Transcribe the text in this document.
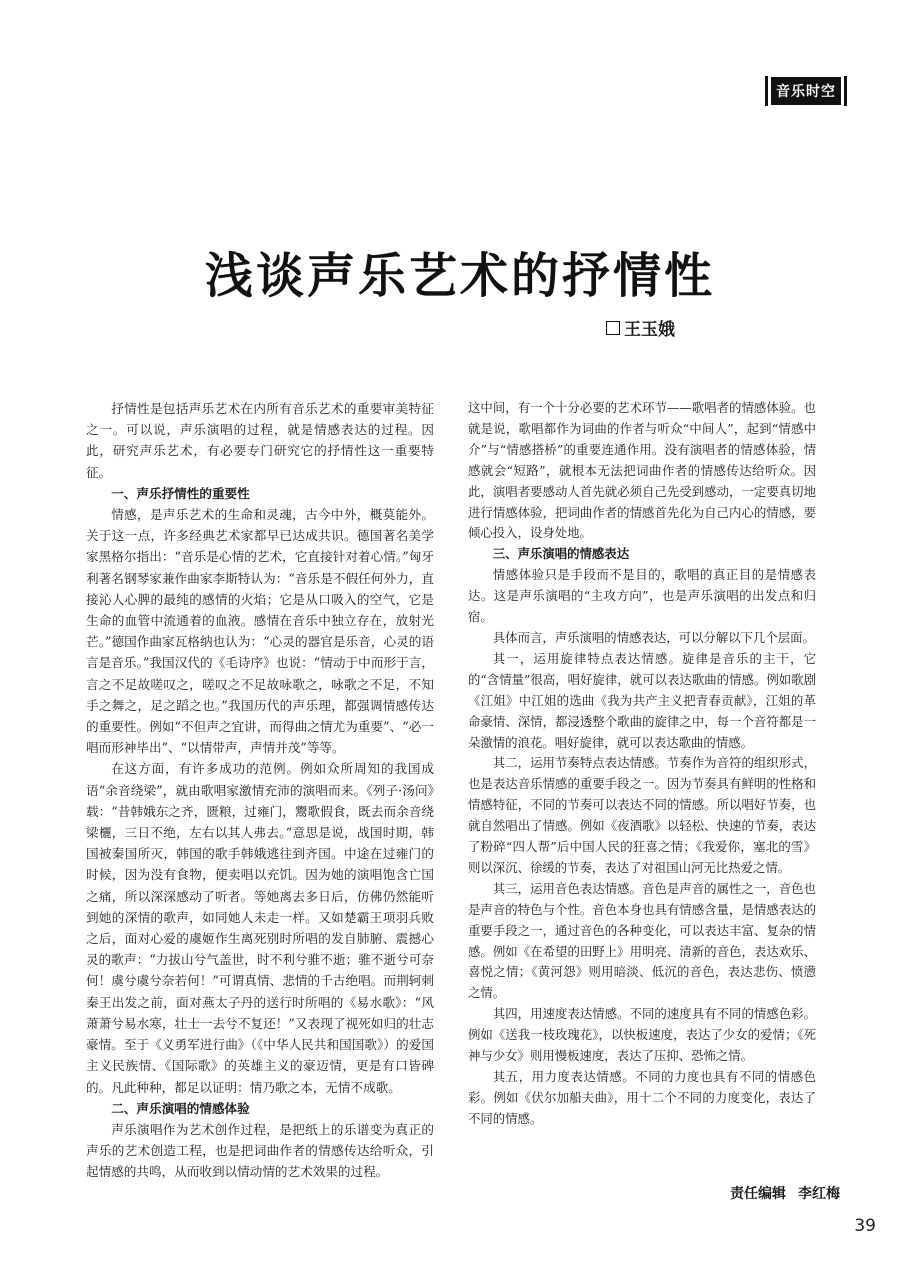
音乐时空
浅谈声乐艺术的抒情性
王玉娥

抒情性是包括声乐艺术在内所有音乐艺术的重要审美特征之一。可以说，声乐演唱的过程，就是情感表达的过程。因此，研究声乐艺术，有必要专门研究它的抒情性这一重要特征。

一、声乐抒情性的重要性

情感，是声乐艺术的生命和灵魂，古今中外，概莫能外。关于这一点，许多经典艺术家都早已达成共识。德国著名美学家黑格尔指出：“音乐是心情的艺术，它直接针对着心情。”匈牙利著名钢琴家兼作曲家李斯特认为：“音乐是不假任何外力，直接沁人心脾的最纯的感情的火焰；它是从口吸入的空气，它是生命的血管中流通着的血液。感情在音乐中独立存在，放射光芒。”德国作曲家瓦格纳也认为：“心灵的器官是乐音，心灵的语言是音乐。”我国汉代的《毛诗序》也说：“情动于中而形于言，言之不足故嗟叹之，嗟叹之不足故咏歌之，咏歌之不足，不知手之舞之，足之蹈之也。”我国历代的声乐理，都强调情感传达的重要性。例如“不但声之宜讲，而得曲之情尤为重要”、“必一唱而形神毕出”、“以情带声，声情并茂”等等。

在这方面，有许多成功的范例。例如众所周知的我国成语“余音绕梁”，就由歌唱家激情充沛的演唱而来。《列子·汤问》载：“昔韩娥东之齐，匮粮，过雍门，鬻歌假食，既去而余音绕梁欐，三日不绝，左右以其人弗去。”意思是说，战国时期，韩国被秦国所灭，韩国的歌手韩娥逃往到齐国。中途在过雍门的时候，因为没有食物，便卖唱以充饥。因为她的演唱饱含亡国之痛，所以深深感动了听者。等她离去多日后，仿佛仍然能听到她的深情的歌声，如同她人未走一样。又如楚霸王项羽兵败之后，面对心爱的虞姬作生离死别时所唱的发自肺腑、震撼心灵的歌声：“力拔山兮气盖世，时不利兮骓不逝；骓不逝兮可奈何！虞兮虞兮奈若何！”可谓真情、悲情的千古绝唱。而荆轲刺秦王出发之前，面对燕太子丹的送行时所唱的《易水歌》：“风萧萧兮易水寒，壮士一去兮不复还！”又表现了视死如归的壮志豪情。至于《义勇军进行曲》（《中华人民共和国国歌》）的爱国主义民族情、《国际歌》的英雄主义的豪迈情，更是有口皆碑的。凡此种种，都足以证明：情乃歌之本，无情不成歌。

二、声乐演唱的情感体验

声乐演唱作为艺术创作过程，是把纸上的乐谱变为真正的声乐的艺术创造工程，也是把词曲作者的情感传达给听众，引起情感的共鸣，从而收到以情动情的艺术效果的过程。

这中间，有一个十分必要的艺术环节——歌唱者的情感体验。也就是说，歌唱都作为词曲的作者与听众“中间人”，起到“情感中介”与“情感搭桥”的重要连通作用。没有演唱者的情感体验，情感就会“短路”，就根本无法把词曲作者的情感传达给听众。因此，演唱者要感动人首先就必须自己先受到感动，一定要真切地进行情感体验，把词曲作者的情感首先化为自己内心的情感，要倾心投入，设身处地。

三、声乐演唱的情感表达

情感体验只是手段而不是目的，歌唱的真正目的是情感表达。这是声乐演唱的“主攻方向”，也是声乐演唱的出发点和归宿。

具体而言，声乐演唱的情感表达，可以分解以下几个层面。

其一，运用旋律特点表达情感。旋律是音乐的主干，它的“含情量”很高，唱好旋律，就可以表达歌曲的情感。例如歌剧《江姐》中江姐的选曲《我为共产主义把青春贡献》，江姐的革命豪情、深情，都浸透整个歌曲的旋律之中，每一个音符都是一朵激情的浪花。唱好旋律，就可以表达歌曲的情感。

其二，运用节奏特点表达情感。节奏作为音符的组织形式，也是表达音乐情感的重要手段之一。因为节奏具有鲜明的性格和情感特征，不同的节奏可以表达不同的情感。所以唱好节奏，也就自然唱出了情感。例如《夜酒歌》以轻松、快速的节奏，表达了粉碎“四人帮”后中国人民的狂喜之情；《我爱你，塞北的雪》则以深沉、徐缓的节奏，表达了对祖国山河无比热爱之情。

其三，运用音色表达情感。音色是声音的属性之一，音色也是声音的特色与个性。音色本身也具有情感含量，是情感表达的重要手段之一，通过音色的各种变化，可以表达丰富、复杂的情感。例如《在希望的田野上》用明亮、清新的音色，表达欢乐、喜悦之情；《黄河怨》则用暗淡、低沉的音色，表达悲伤、愤懑之情。

其四，用速度表达情感。不同的速度具有不同的情感色彩。例如《送我一枝玫瑰花》，以快板速度，表达了少女的爱情；《死神与少女》则用慢板速度，表达了压抑、恐怖之情。

其五，用力度表达情感。不同的力度也具有不同的情感色彩。例如《伏尔加船夫曲》，用十二个不同的力度变化，表达了不同的情感。

责任编辑 李红梅
39
